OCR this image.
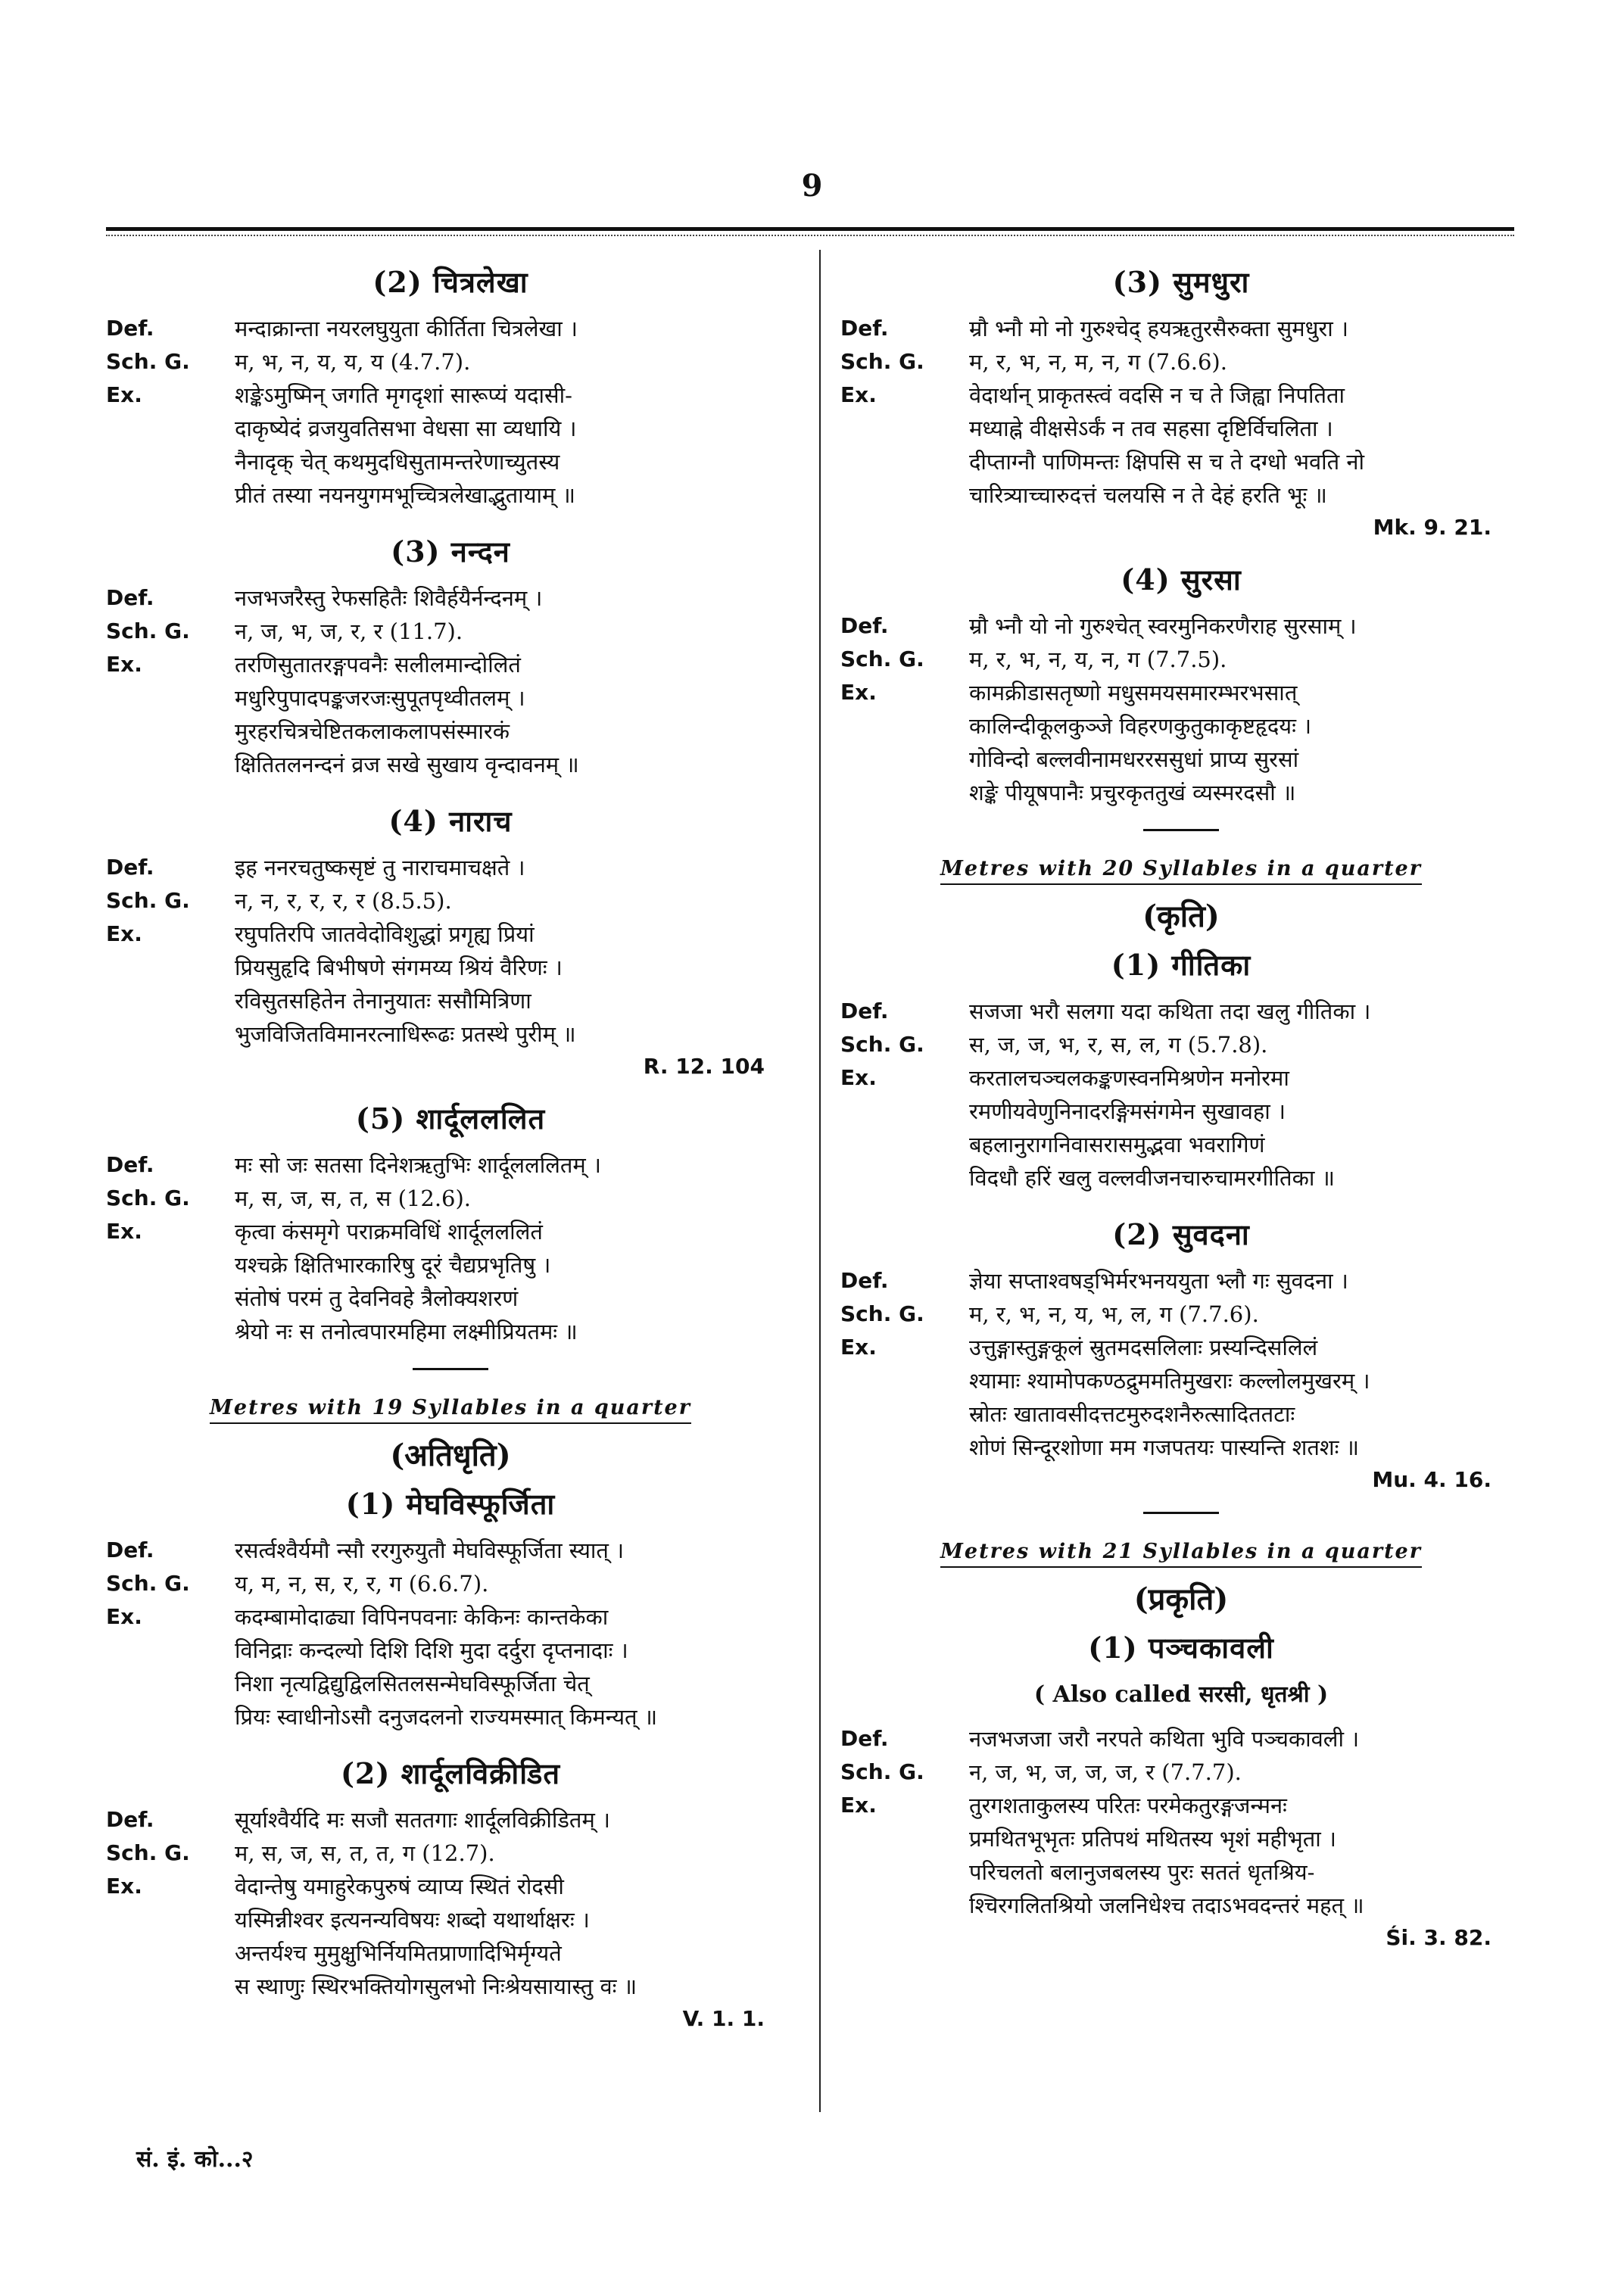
9
(2) चित्रलेखा
Def.	मन्दाक्रान्ता नयरलघुयुता कीर्तिता चित्रलेखा ।
Sch. G.	म, भ, न, य, य, य (4.7.7).
Ex.	शङ्केऽमुष्मिन् जगति मृगदृशां सारूप्यं यदासी-
दाकृष्येदं व्रजयुवतिसभा वेधसा सा व्यधायि ।
नैनादृक् चेत् कथमुदधिसुतामन्तरेणाच्युतस्य
प्रीतं तस्या नयनयुगमभूच्चित्रलेखाद्भुतायाम् ॥
(3) नन्दन
Def.	नजभजरैस्तु रेफसहितैः शिवैर्हयैर्नन्दनम् ।
Sch. G.	न, ज, भ, ज, र, र (11.7).
Ex.	तरणिसुतातरङ्गपवनैः सलीलमान्दोलितं
मधुरिपुपादपङ्कजरजःसुपूतपृथ्वीतलम् ।
मुरहरचित्रचेष्टितकलाकलापसंस्मारकं
क्षितितलनन्दनं व्रज सखे सुखाय वृन्दावनम् ॥
(4) नाराच
Def.	इह ननरचतुष्कसृष्टं तु नाराचमाचक्षते ।
Sch. G.	न, न, र, र, र, र (8.5.5).
Ex.	रघुपतिरपि जातवेदोविशुद्धां प्रगृह्य प्रियां
प्रियसुहृदि बिभीषणे संगमय्य श्रियं वैरिणः ।
रविसुतसहितेन तेनानुयातः ससौमित्रिणा
भुजविजितविमानरत्नाधिरूढः प्रतस्थे पुरीम् ॥
R. 12. 104
(5) शार्दूलललित
Def.	मः सो जः सतसा दिनेशऋतुभिः शार्दूलललितम् ।
Sch. G.	म, स, ज, स, त, स (12.6).
Ex.	कृत्वा कंसमृगे पराक्रमविधिं शार्दूलललितं
यश्चक्रे क्षितिभारकारिषु दूरं चैद्यप्रभृतिषु ।
संतोषं परमं तु देवनिवहे त्रैलोक्यशरणं
श्रेयो नः स तनोत्वपारमहिमा लक्ष्मीप्रियतमः ॥
Metres with 19 Syllables in a quarter
(अतिधृति)
(1) मेघविस्फूर्जिता
Def.	रसर्त्वश्वैर्यमौ न्सौ ररगुरुयुतौ मेघविस्फूर्जिता स्यात् ।
Sch. G.	य, म, न, स, र, र, ग (6.6.7).
Ex.	कदम्बामोदाढ्या विपिनपवनाः केकिनः कान्तकेका
विनिद्राः कन्दल्यो दिशि दिशि मुदा दर्दुरा दृप्तनादाः ।
निशा नृत्यद्विद्युद्विलसितलसन्मेघविस्फूर्जिता चेत्
प्रियः स्वाधीनोऽसौ दनुजदलनो राज्यमस्मात् किमन्यत् ॥
(2) शार्दूलविक्रीडित
Def.	सूर्याश्वैर्यदि मः सजौ सततगाः शार्दूलविक्रीडितम् ।
Sch. G.	म, स, ज, स, त, त, ग (12.7).
Ex.	वेदान्तेषु यमाहुरेकपुरुषं व्याप्य स्थितं रोदसी
यस्मिन्नीश्वर इत्यनन्यविषयः शब्दो यथार्थाक्षरः ।
अन्तर्यश्च मुमुक्षुभिर्नियमितप्राणादिभिर्मृग्यते
स स्थाणुः स्थिरभक्तियोगसुलभो निःश्रेयसायास्तु वः ॥
V. 1. 1.
(3) सुमधुरा
Def.	म्रौ भ्नौ मो नो गुरुश्चेद् हयऋतुरसैरुक्ता सुमधुरा ।
Sch. G.	म, र, भ, न, म, न, ग (7.6.6).
Ex.	वेदार्थान् प्राकृतस्त्वं वदसि न च ते जिह्वा निपतिता
मध्याह्ने वीक्षसेऽर्कं न तव सहसा दृष्टिर्विचलिता ।
दीप्ताग्नौ पाणिमन्तः क्षिपसि स च ते दग्धो भवति नो
चारित्र्याच्चारुदत्तं चलयसि न ते देहं हरति भूः ॥
Mk. 9. 21.
(4) सुरसा
Def.	म्रौ भ्नौ यो नो गुरुश्चेत् स्वरमुनिकरणैराह सुरसाम् ।
Sch. G.	म, र, भ, न, य, न, ग (7.7.5).
Ex.	कामक्रीडासतृष्णो मधुसमयसमारम्भरभसात्
कालिन्दीकूलकुञ्जे विहरणकुतुकाकृष्टहृदयः ।
गोविन्दो बल्लवीनामधररससुधां प्राप्य सुरसां
शङ्के पीयूषपानैः प्रचुरकृततुखं व्यस्मरदसौ ॥
Metres with 20 Syllables in a quarter
(कृति)
(1) गीतिका
Def.	सजजा भरौ सलगा यदा कथिता तदा खलु गीतिका ।
Sch. G.	स, ज, ज, भ, र, स, ल, ग (5.7.8).
Ex.	करतालचञ्चलकङ्कणस्वनमिश्रणेन मनोरमा
रमणीयवेणुनिनादरङ्गिमसंगमेन सुखावहा ।
बहलानुरागनिवासरासमुद्भवा भवरागिणं
विदधौ हरिं खलु वल्लवीजनचारुचामरगीतिका ॥
(2) सुवदना
Def.	ज्ञेया सप्ताश्वषड्भिर्मरभनययुता भ्लौ गः सुवदना ।
Sch. G.	म, र, भ, न, य, भ, ल, ग (7.7.6).
Ex.	उत्तुङ्गास्तुङ्गकूलं स्रुतमदसलिलाः प्रस्यन्दिसलिलं
श्यामाः श्यामोपकण्ठद्रुममतिमुखराः कल्लोलमुखरम् ।
स्रोतः खातावसीदत्तटमुरुदशनैरुत्सादिततटाः
शोणं सिन्दूरशोणा मम गजपतयः पास्यन्ति शतशः ॥
Mu. 4. 16.
Metres with 21 Syllables in a quarter
(प्रकृति)
(1) पञ्चकावली
( Also called सरसी, धृतश्री )
Def.	नजभजजा जरौ नरपते कथिता भुवि पञ्चकावली ।
Sch. G.	न, ज, भ, ज, ज, ज, र (7.7.7).
Ex.	तुरगशताकुलस्य परितः परमेकतुरङ्गजन्मनः
प्रमथितभूभृतः प्रतिपथं मथितस्य भृशं महीभृता ।
परिचलतो बलानुजबलस्य पुरः सततं धृतश्रिय-
श्चिरगलितश्रियो जलनिधेश्च तदाऽभवदन्तरं महत् ॥
Śi. 3. 82.
सं. इं. को...२
